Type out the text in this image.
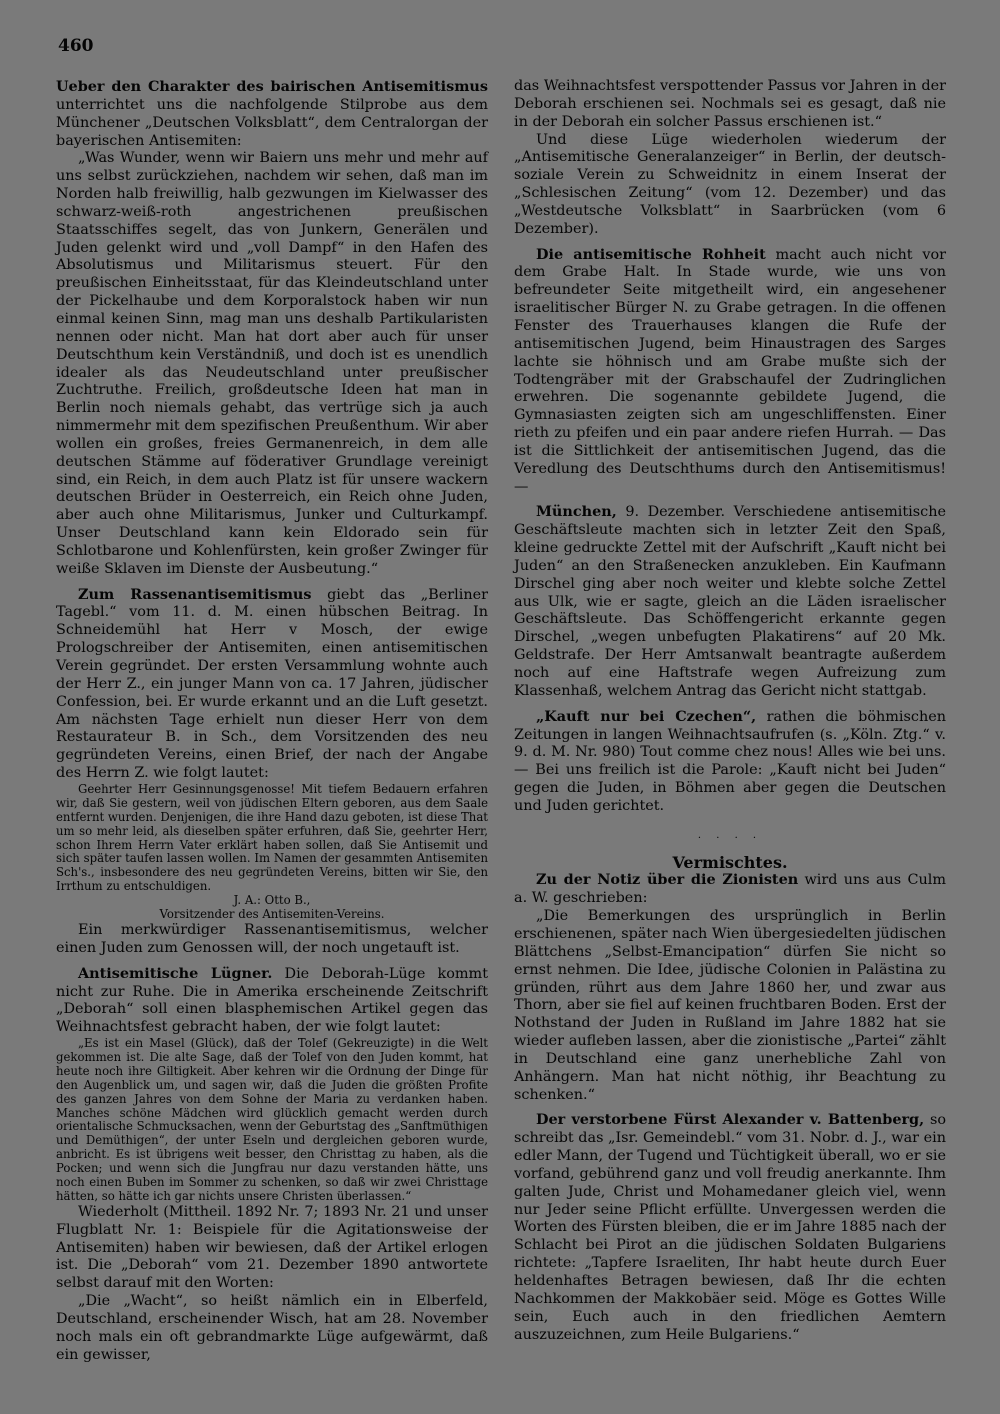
460

Ueber den Charakter des bairischen Antisemitismus unterrichtet uns die nachfolgende Stilprobe aus dem Münchener „Deutschen Volksblatt“, dem Centralorgan der bayerischen Antisemiten:

„Was Wunder, wenn wir Baiern uns mehr und mehr auf uns selbst zurückziehen, nachdem wir sehen, daß man im Norden halb freiwillig, halb gezwungen im Kielwasser des schwarz-weiß-roth angestrichenen preußischen Staatsschiffes segelt, das von Junkern, Generälen und Juden gelenkt wird und „voll Dampf“ in den Hafen des Absolutismus und Militarismus steuert. Für den preußischen Einheitsstaat, für das Kleindeutschland unter der Pickelhaube und dem Korporalstock haben wir nun einmal keinen Sinn, mag man uns deshalb Partikularisten nennen oder nicht. Man hat dort aber auch für unser Deutschthum kein Verständniß, und doch ist es unendlich idealer als das Neudeutschland unter preußischer Zuchtruthe. Freilich, großdeutsche Ideen hat man in Berlin noch niemals gehabt, das vertrüge sich ja auch nimmermehr mit dem spezifischen Preußenthum. Wir aber wollen ein großes, freies Germanenreich, in dem alle deutschen Stämme auf föderativer Grundlage vereinigt sind, ein Reich, in dem auch Platz ist für unsere wackern deutschen Brüder in Oesterreich, ein Reich ohne Juden, aber auch ohne Militarismus, Junker und Culturkampf. Unser Deutschland kann kein Eldorado sein für Schlotbarone und Kohlenfürsten, kein großer Zwinger für weiße Sklaven im Dienste der Ausbeutung.“

Zum Rassenantisemitismus giebt das „Berliner Tagebl.“ vom 11. d. M. einen hübschen Beitrag. In Schneidemühl hat Herr v Mosch, der ewige Prologschreiber der Antisemiten, einen antisemitischen Verein gegründet. Der ersten Versammlung wohnte auch der Herr Z., ein junger Mann von ca. 17 Jahren, jüdischer Confession, bei. Er wurde erkannt und an die Luft gesetzt. Am nächsten Tage erhielt nun dieser Herr von dem Restaurateur B. in Sch., dem Vorsitzenden des neu gegründeten Vereins, einen Brief, der nach der Angabe des Herrn Z. wie folgt lautet:

Geehrter Herr Gesinnungsgenosse! Mit tiefem Bedauern erfahren wir, daß Sie gestern, weil von jüdischen Eltern geboren, aus dem Saale entfernt wurden. Denjenigen, die ihre Hand dazu geboten, ist diese That um so mehr leid, als dieselben später erfuhren, daß Sie, geehrter Herr, schon Ihrem Herrn Vater erklärt haben sollen, daß Sie Antisemit und sich später taufen lassen wollen. Im Namen der gesammten Antisemiten Sch's., insbesondere des neu gegründeten Vereins, bitten wir Sie, den Irrthum zu entschuldigen.

J. A.: Otto B.,

Vorsitzender des Antisemiten-Vereins.

Ein merkwürdiger Rassenantisemitismus, welcher einen Juden zum Genossen will, der noch ungetauft ist.

Antisemitische Lügner. Die Deborah-Lüge kommt nicht zur Ruhe. Die in Amerika erscheinende Zeitschrift „Deborah“ soll einen blasphemischen Artikel gegen das Weihnachtsfest gebracht haben, der wie folgt lautet:

„Es ist ein Masel (Glück), daß der Tolef (Gekreuzigte) in die Welt gekommen ist. Die alte Sage, daß der Tolef von den Juden kommt, hat heute noch ihre Giltigkeit. Aber kehren wir die Ordnung der Dinge für den Augenblick um, und sagen wir, daß die Juden die größten Profite des ganzen Jahres von dem Sohne der Maria zu verdanken haben. Manches schöne Mädchen wird glücklich gemacht werden durch orientalische Schmucksachen, wenn der Geburtstag des „Sanftmüthigen und Demüthigen“, der unter Eseln und dergleichen geboren wurde, anbricht. Es ist übrigens weit besser, den Christtag zu haben, als die Pocken; und wenn sich die Jungfrau nur dazu verstanden hätte, uns noch einen Buben im Sommer zu schenken, so daß wir zwei Christtage hätten, so hätte ich gar nichts unsere Christen überlassen.“

Wiederholt (Mittheil. 1892 Nr. 7; 1893 Nr. 21 und unser Flugblatt Nr. 1: Beispiele für die Agitationsweise der Antisemiten) haben wir bewiesen, daß der Artikel erlogen ist. Die „Deborah“ vom 21. Dezember 1890 antwortete selbst darauf mit den Worten:

„Die „Wacht“, so heißt nämlich ein in Elberfeld, Deutschland, erscheinender Wisch, hat am 28. November noch mals ein oft gebrandmarkte Lüge aufgewärmt, daß ein gewisser,

das Weihnachtsfest verspottender Passus vor Jahren in der Deborah erschienen sei. Nochmals sei es gesagt, daß nie in der Deborah ein solcher Passus erschienen ist.“

Und diese Lüge wiederholen wiederum der „Antisemitische Generalanzeiger“ in Berlin, der deutsch-soziale Verein zu Schweidnitz in einem Inserat der „Schlesischen Zeitung“ (vom 12. Dezember) und das „Westdeutsche Volksblatt“ in Saarbrücken (vom 6 Dezember).

Die antisemitische Rohheit macht auch nicht vor dem Grabe Halt. In Stade wurde, wie uns von befreundeter Seite mitgetheilt wird, ein angesehener israelitischer Bürger N. zu Grabe getragen. In die offenen Fenster des Trauerhauses klangen die Rufe der antisemitischen Jugend, beim Hinaustragen des Sarges lachte sie höhnisch und am Grabe mußte sich der Todtengräber mit der Grabschaufel der Zudringlichen erwehren. Die sogenannte gebildete Jugend, die Gymnasiasten zeigten sich am ungeschliffensten. Einer rieth zu pfeifen und ein paar andere riefen Hurrah. — Das ist die Sittlichkeit der antisemitischen Jugend, das die Veredlung des Deutschthums durch den Antisemitismus! —

München, 9. Dezember. Verschiedene antisemitische Geschäftsleute machten sich in letzter Zeit den Spaß, kleine gedruckte Zettel mit der Aufschrift „Kauft nicht bei Juden“ an den Straßenecken anzukleben. Ein Kaufmann Dirschel ging aber noch weiter und klebte solche Zettel aus Ulk, wie er sagte, gleich an die Läden israelischer Geschäftsleute. Das Schöffengericht erkannte gegen Dirschel, „wegen unbefugten Plakatirens“ auf 20 Mk. Geldstrafe. Der Herr Amtsanwalt beantragte außerdem noch auf eine Haftstrafe wegen Aufreizung zum Klassenhaß, welchem Antrag das Gericht nicht stattgab.

„Kauft nur bei Czechen“, rathen die böhmischen Zeitungen in langen Weihnachtsaufrufen (s. „Köln. Ztg.“ v. 9. d. M. Nr. 980) Tout comme chez nous! Alles wie bei uns. — Bei uns freilich ist die Parole: „Kauft nicht bei Juden“ gegen die Juden, in Böhmen aber gegen die Deutschen und Juden gerichtet.

· · · ·

Vermischtes.

Zu der Notiz über die Zionisten wird uns aus Culm a. W. geschrieben:

„Die Bemerkungen des ursprünglich in Berlin erschienenen, später nach Wien übergesiedelten jüdischen Blättchens „Selbst-Emancipation“ dürfen Sie nicht so ernst nehmen. Die Idee, jüdische Colonien in Palästina zu gründen, rührt aus dem Jahre 1860 her, und zwar aus Thorn, aber sie fiel auf keinen fruchtbaren Boden. Erst der Nothstand der Juden in Rußland im Jahre 1882 hat sie wieder aufleben lassen, aber die zionistische „Partei“ zählt in Deutschland eine ganz unerhebliche Zahl von Anhängern. Man hat nicht nöthig, ihr Beachtung zu schenken.“

Der verstorbene Fürst Alexander v. Battenberg, so schreibt das „Isr. Gemeindebl.“ vom 31. Nobr. d. J., war ein edler Mann, der Tugend und Tüchtigkeit überall, wo er sie vorfand, gebührend ganz und voll freudig anerkannte. Ihm galten Jude, Christ und Mohamedaner gleich viel, wenn nur Jeder seine Pflicht erfüllte. Unvergessen werden die Worten des Fürsten bleiben, die er im Jahre 1885 nach der Schlacht bei Pirot an die jüdischen Soldaten Bulgariens richtete: „Tapfere Israeliten, Ihr habt heute durch Euer heldenhaftes Betragen bewiesen, daß Ihr die echten Nachkommen der Makkobäer seid. Möge es Gottes Wille sein, Euch auch in den friedlichen Aemtern auszuzeichnen, zum Heile Bulgariens.“
